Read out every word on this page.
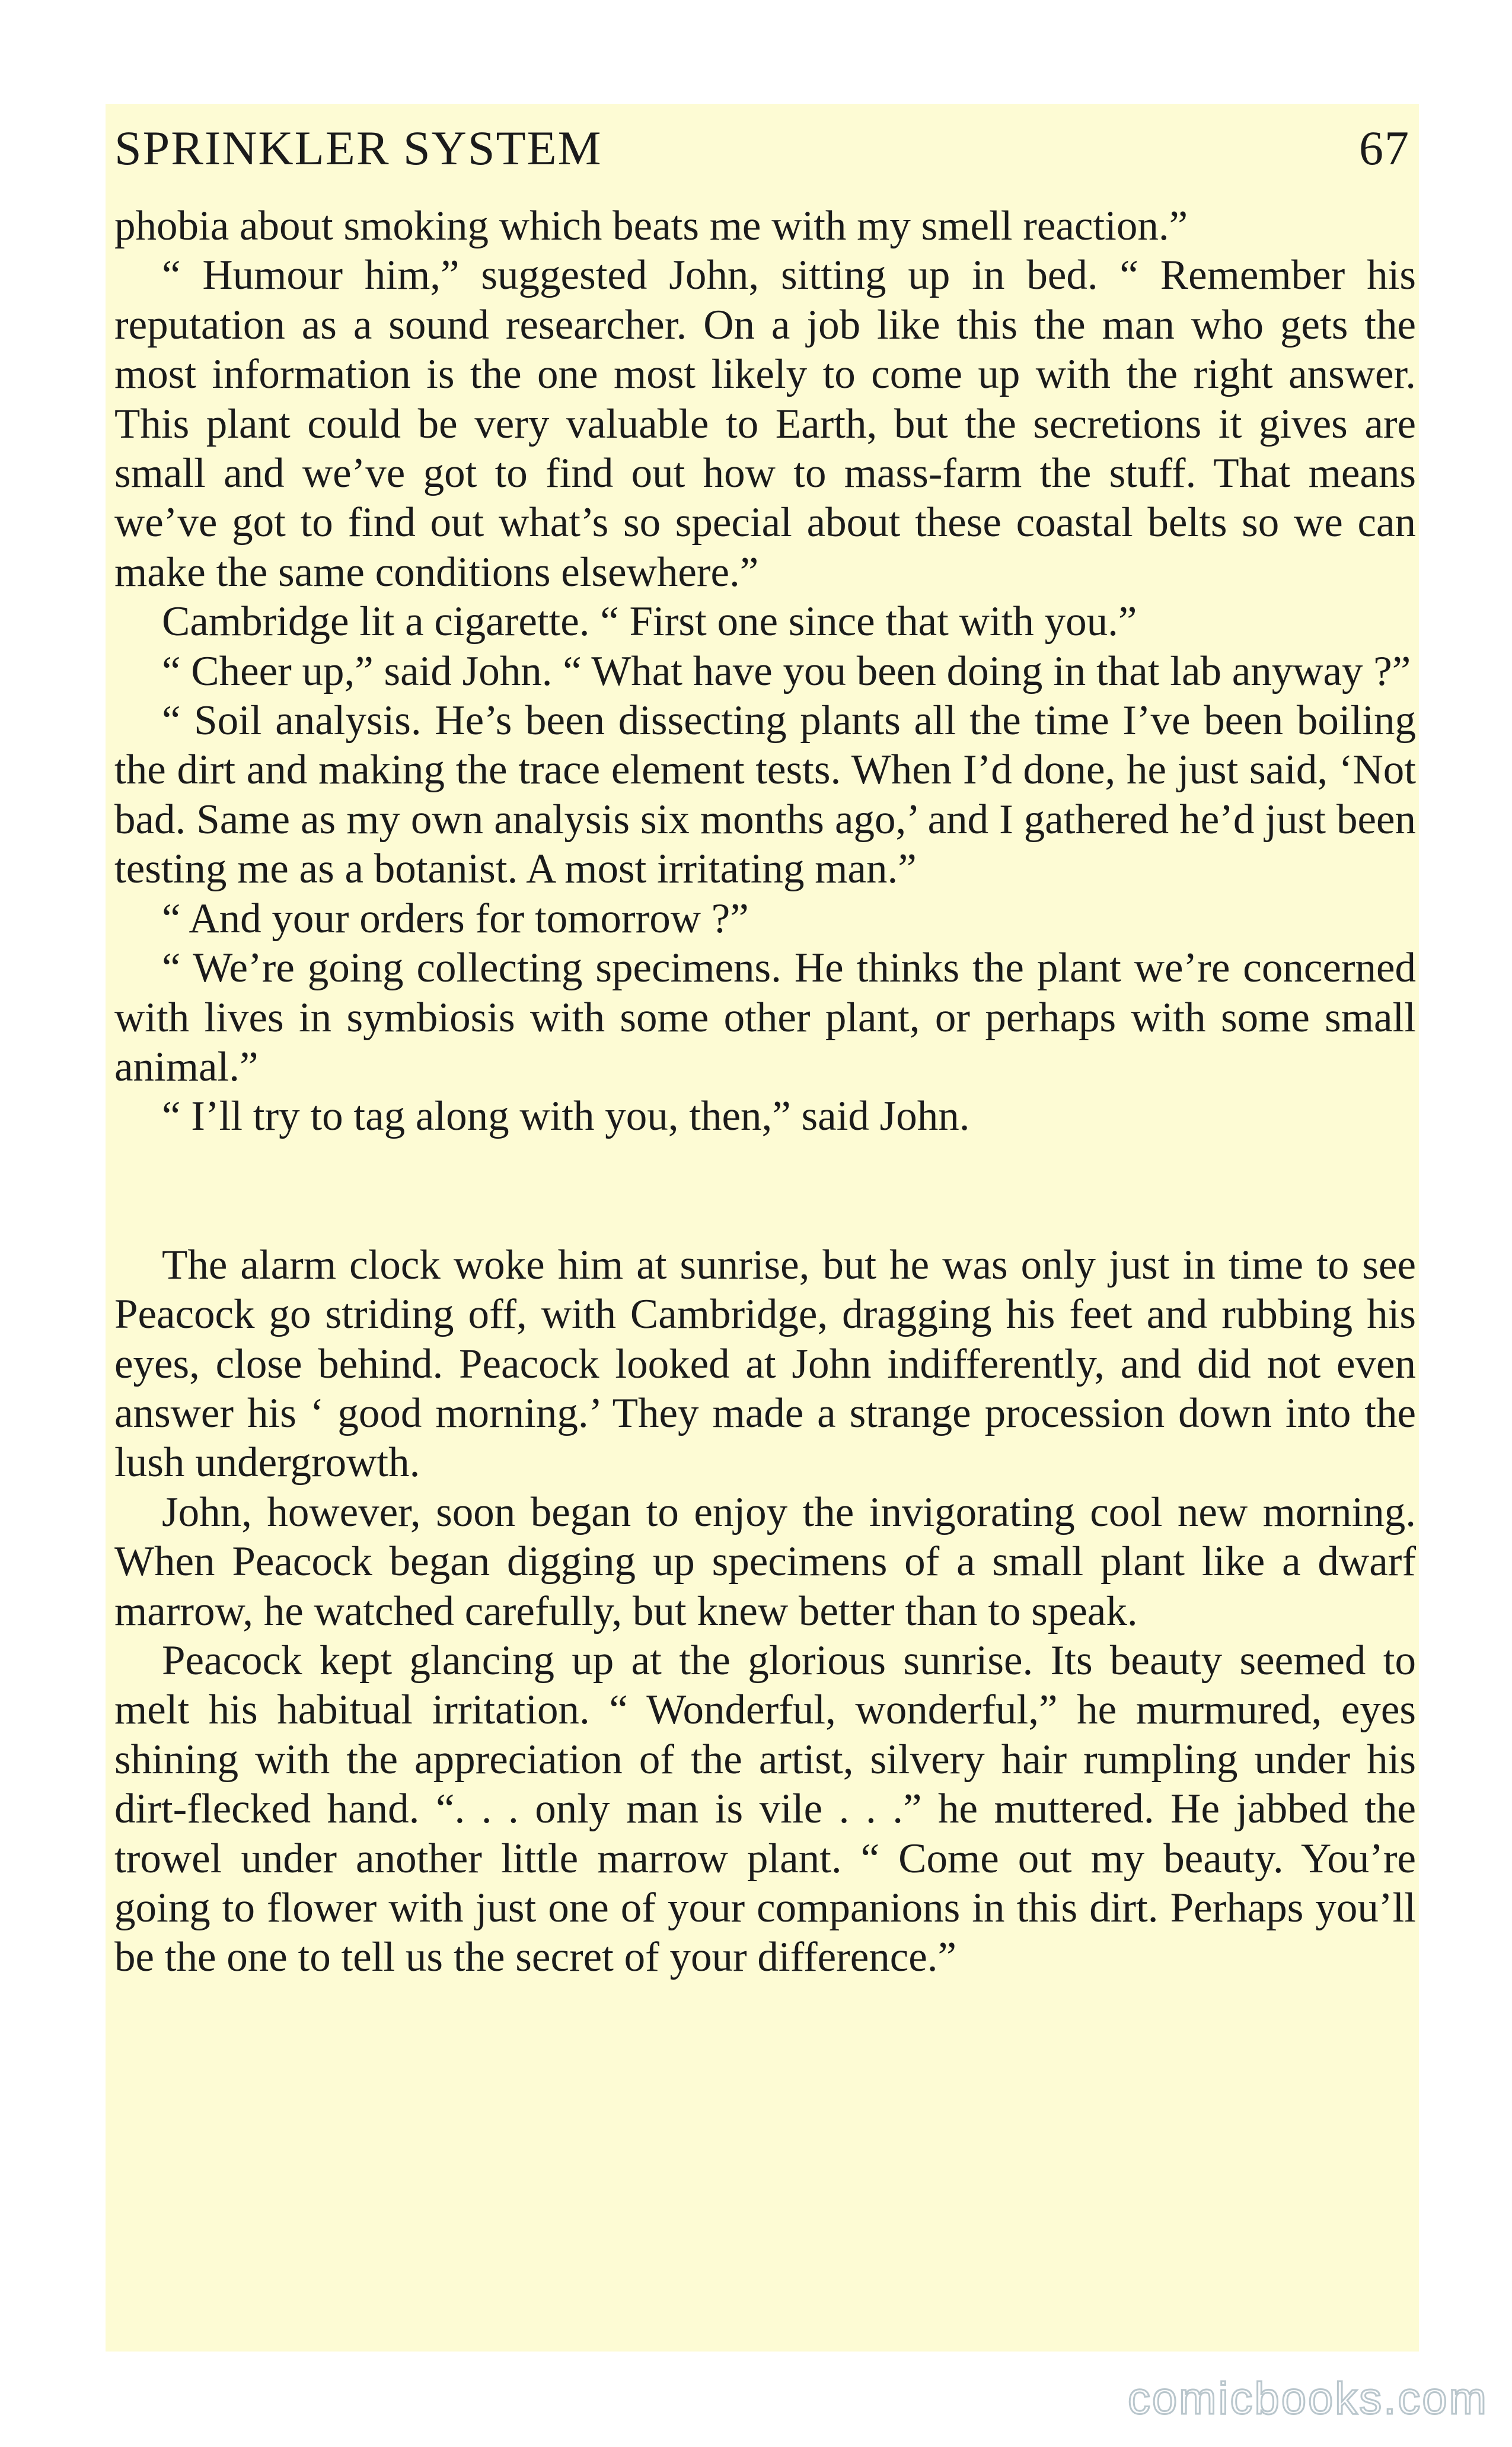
SPRINKLER SYSTEM	67

phobia about smoking which beats me with my smell reaction.”

“ Humour him,” suggested John, sitting up in bed. “ Remember his reputation as a sound researcher. On a job like this the man who gets the most information is the one most likely to come up with the right answer. This plant could be very valuable to Earth, but the secretions it gives are small and we’ve got to find out how to mass-farm the stuff. That means we’ve got to find out what’s so special about these coastal belts so we can make the same conditions elsewhere.”

Cambridge lit a cigarette. “ First one since that with you.”

“ Cheer up,” said John. “ What have you been doing in that lab anyway ?”

“ Soil analysis. He’s been dissecting plants all the time I’ve been boiling the dirt and making the trace element tests. When I’d done, he just said, ‘Not bad. Same as my own analysis six months ago,’ and I gathered he’d just been testing me as a botanist. A most irritating man.”

“ And your orders for tomorrow ?”

“ We’re going collecting specimens. He thinks the plant we’re concerned with lives in symbiosis with some other plant, or perhaps with some small animal.”

“ I’ll try to tag along with you, then,” said John.

The alarm clock woke him at sunrise, but he was only just in time to see Peacock go striding off, with Cambridge, dragging his feet and rubbing his eyes, close behind. Peacock looked at John indifferently, and did not even answer his ‘ good morning.’ They made a strange procession down into the lush undergrowth.

John, however, soon began to enjoy the invigorating cool new morning. When Peacock began digging up specimens of a small plant like a dwarf marrow, he watched carefully, but knew better than to speak.

Peacock kept glancing up at the glorious sunrise. Its beauty seemed to melt his habitual irritation. “ Wonderful, wonderful,” he murmured, eyes shining with the appreciation of the artist, silvery hair rumpling under his dirt-flecked hand. “. . . only man is vile . . .” he muttered. He jabbed the trowel under another little marrow plant. “ Come out my beauty. You’re going to flower with just one of your companions in this dirt. Perhaps you’ll be the one to tell us the secret of your difference.”

comicbooks.com
